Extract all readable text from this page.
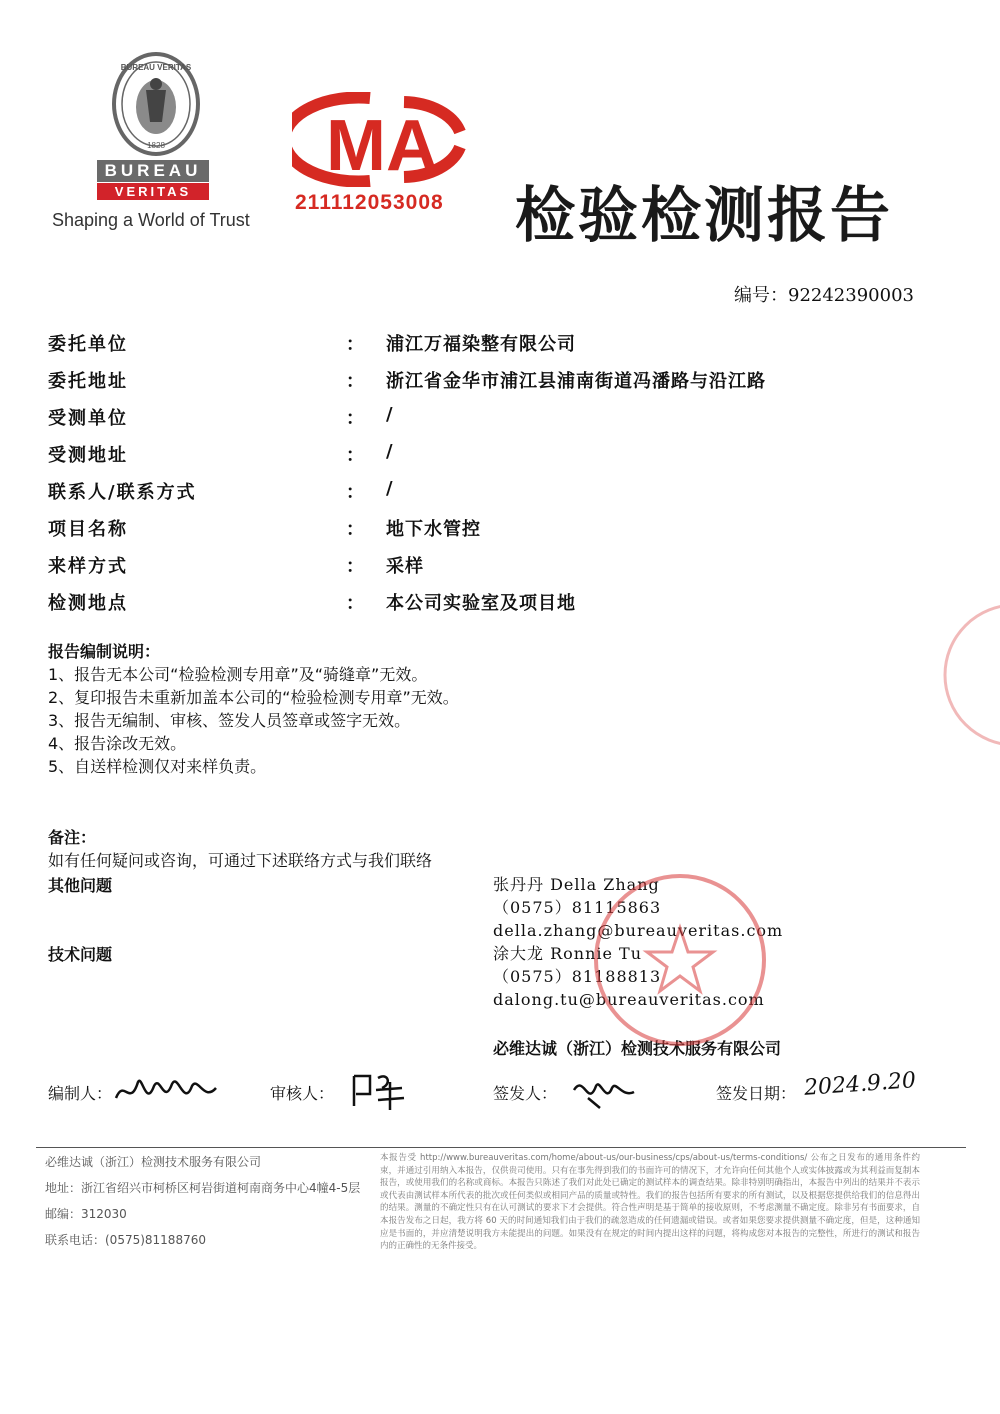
BUREAU VERITAS
1828
BUREAU
VERITAS
Shaping a World of Trust
MA
211112053008 检验检测报告
编号：92242390003
委托单位	： 浦江万福染整有限公司
委托地址	： 浙江省金华市浦江县浦南街道冯潘路与沿江路
受测单位	： /
受测地址	： /
联系人/联系方式	： /
项目名称	： 地下水管控
来样方式	： 采样
检测地点	： 本公司实验室及项目地
报告编制说明：
1、报告无本公司“检验检测专用章”及“骑缝章”无效。
2、复印报告未重新加盖本公司的“检验检测专用章”无效。
3、报告无编制、审核、签发人员签章或签字无效。
4、报告涂改无效。
5、自送样检测仅对来样负责。
备注：
如有任何疑问或咨询，可通过下述联络方式与我们联络
其他问题
技术问题
张丹丹 Della Zhang
（0575）81115863
della.zhang@bureauveritas.com
涂大龙 Ronnie Tu
（0575）81188813
dalong.tu@bureauveritas.com
必维达诚（浙江）检测技术服务有限公司
编制人：	审核人：	签发人：	签发日期： 2024.9.20
必维达诚（浙江）检测技术服务有限公司
地址：浙江省绍兴市柯桥区柯岩街道柯南商务中心4幢4-5层
邮编：312030
联系电话：(0575)81188760
本报告受 http://www.bureauveritas.com/home/about-us/our-business/cps/about-us/terms-conditions/ 公布之日发布的通用条件约束，并通过引用纳入本报告，仅供贵司使用。只有在事先得到我们的书面许可的情况下，才允许向任何其他个人或实体披露或为其利益而复制本报告，或使用我们的名称或商标。本报告只陈述了我们对此处已确定的测试样本的调查结果。除非特别明确指出，本报告中列出的结果并不表示或代表由测试样本所代表的批次或任何类似或相同产品的质量或特性。我们的报告包括所有要求的所有测试，以及根据您提供给我们的信息得出的结果。测量的不确定性只有在认可测试的要求下才会提供。符合性声明是基于简单的接收原则，不考虑测量不确定度。除非另有书面要求，自本报告发布之日起，我方将 60 天的时间通知我们由于我们的疏忽造成的任何遗漏或错误。或者如果您要求提供测量不确定度，但是，这种通知应是书面的，并应清楚说明我方未能提出的问题。如果没有在规定的时间内提出这样的问题，将构成您对本报告的完整性，所进行的测试和报告内的正确性的无条件接受。
